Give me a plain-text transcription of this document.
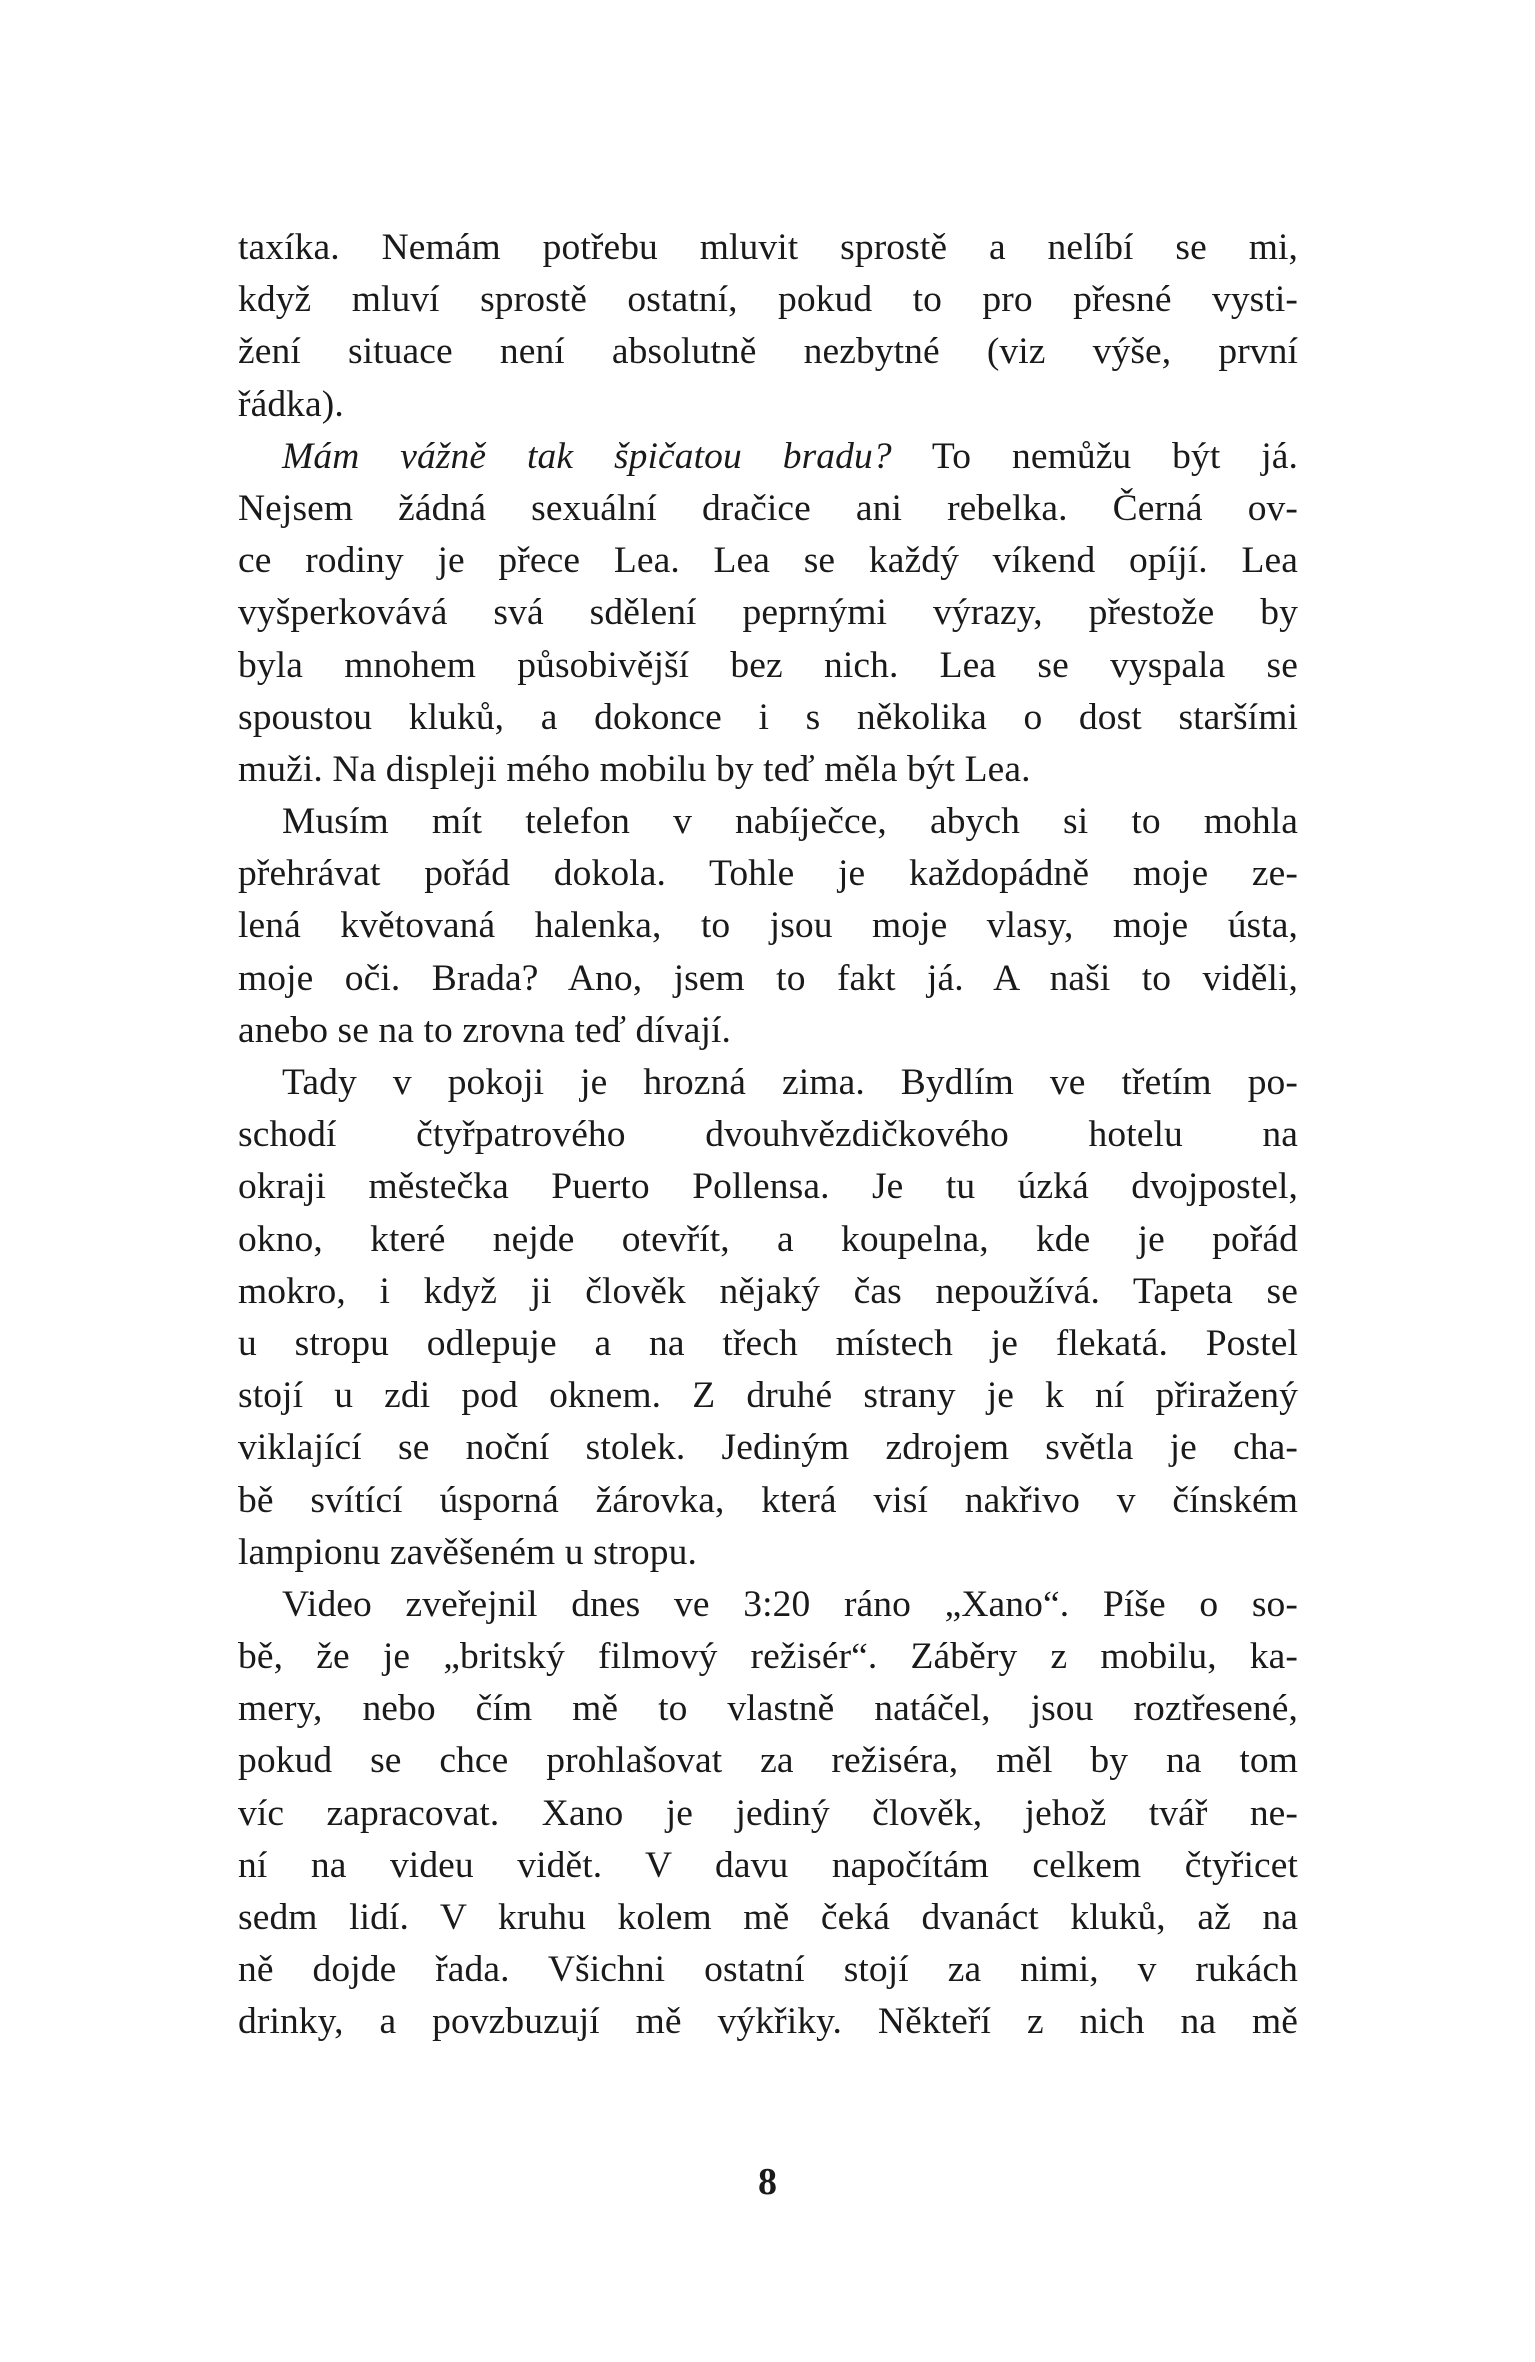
taxíka. Nemám potřebu mluvit sprostě a nelíbí se mi,
když mluví sprostě ostatní, pokud to pro přesné vysti-
žení situace není absolutně nezbytné (viz výše, první
řádka).
Mám vážně tak špičatou bradu? To nemůžu být já.
Nejsem žádná sexuální dračice ani rebelka. Černá ov-
ce rodiny je přece Lea. Lea se každý víkend opíjí. Lea
vyšperkovává svá sdělení peprnými výrazy, přestože by
byla mnohem působivější bez nich. Lea se vyspala se
spoustou kluků, a dokonce i s několika o dost staršími
muži. Na displeji mého mobilu by teď měla být Lea.
Musím mít telefon v nabíječce, abych si to mohla
přehrávat pořád dokola. Tohle je každopádně moje ze-
lená květovaná halenka, to jsou moje vlasy, moje ústa,
moje oči. Brada? Ano, jsem to fakt já. A naši to viděli,
anebo se na to zrovna teď dívají.
Tady v pokoji je hrozná zima. Bydlím ve třetím po-
schodí čtyřpatrového dvouhvězdičkového hotelu na
okraji městečka Puerto Pollensa. Je tu úzká dvojpostel,
okno, které nejde otevřít, a koupelna, kde je pořád
mokro, i když ji člověk nějaký čas nepoužívá. Tapeta se
u stropu odlepuje a na třech místech je flekatá. Postel
stojí u zdi pod oknem. Z druhé strany je k ní přiražený
viklající se noční stolek. Jediným zdrojem světla je cha-
bě svítící úsporná žárovka, která visí nakřivo v čínském
lampionu zavěšeném u stropu.
Video zveřejnil dnes ve 3:20 ráno „Xano“. Píše o so-
bě, že je „britský filmový režisér“. Záběry z mobilu, ka-
mery, nebo čím mě to vlastně natáčel, jsou roztřesené,
pokud se chce prohlašovat za režiséra, měl by na tom
víc zapracovat. Xano je jediný člověk, jehož tvář ne-
ní na videu vidět. V davu napočítám celkem čtyřicet
sedm lidí. V kruhu kolem mě čeká dvanáct kluků, až na
ně dojde řada. Všichni ostatní stojí za nimi, v rukách
drinky, a povzbuzují mě výkřiky. Někteří z nich na mě
8
